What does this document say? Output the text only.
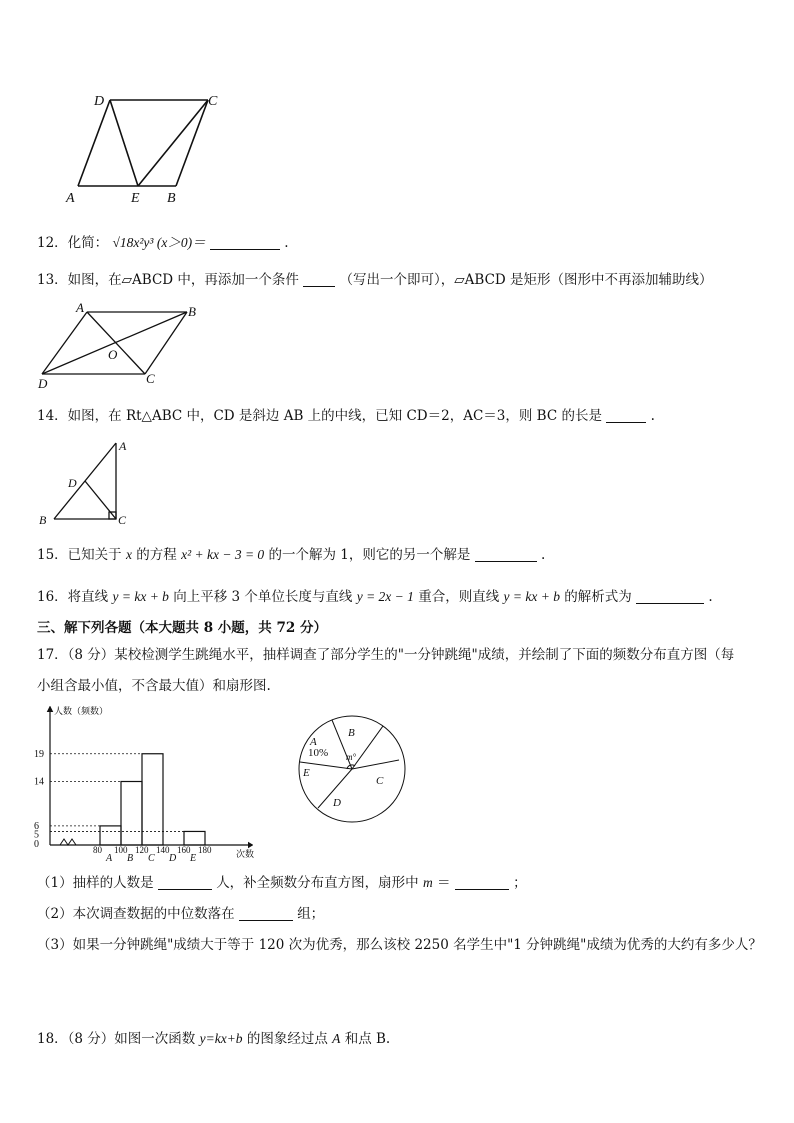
D	C
A	E B
12．化简： √18x²y³ (x＞0)＝	.
13．如图，在▱ABCD 中，再添加一个条件	（写出一个即可），▱ABCD 是矩形（图形中不再添加辅助线）
A	B
O
D	C
14．如图，在 Rt△ABC 中，CD 是斜边 AB 上的中线，已知 CD＝2，AC＝3，则 BC 的长是	.
A
D
B	C
15．已知关于 x 的方程 x² + kx − 3 = 0 的一个解为 1，则它的另一个解是	.
16．将直线 y = kx + b 向上平移 3 个单位长度与直线 y = 2x − 1 重合，则直线 y = kx + b 的解析式为	.
三、解下列各题（本大题共 8 小题，共 72 分）
17．（8 分）某校检测学生跳绳水平，抽样调查了部分学生的"一分钟跳绳"成绩，并绘制了下面的频数分布直方图（每
小组含最小值，不含最大值）和扇形图.
0
5
6
14
19
80 100 120 140 160 180
A B C D E
人数（频数）
次数
A
10%
B
m°
C
D
E
（1）抽样的人数是	人，补全频数分布直方图，扇形中 m ＝	；
（2）本次调查数据的中位数落在	组；
（3）如果一分钟跳绳"成绩大于等于 120 次为优秀，那么该校 2250 名学生中"1 分钟跳绳"成绩为优秀的大约有多少人？
18．（8 分）如图一次函数 y=kx+b 的图象经过点 A 和点 B.
